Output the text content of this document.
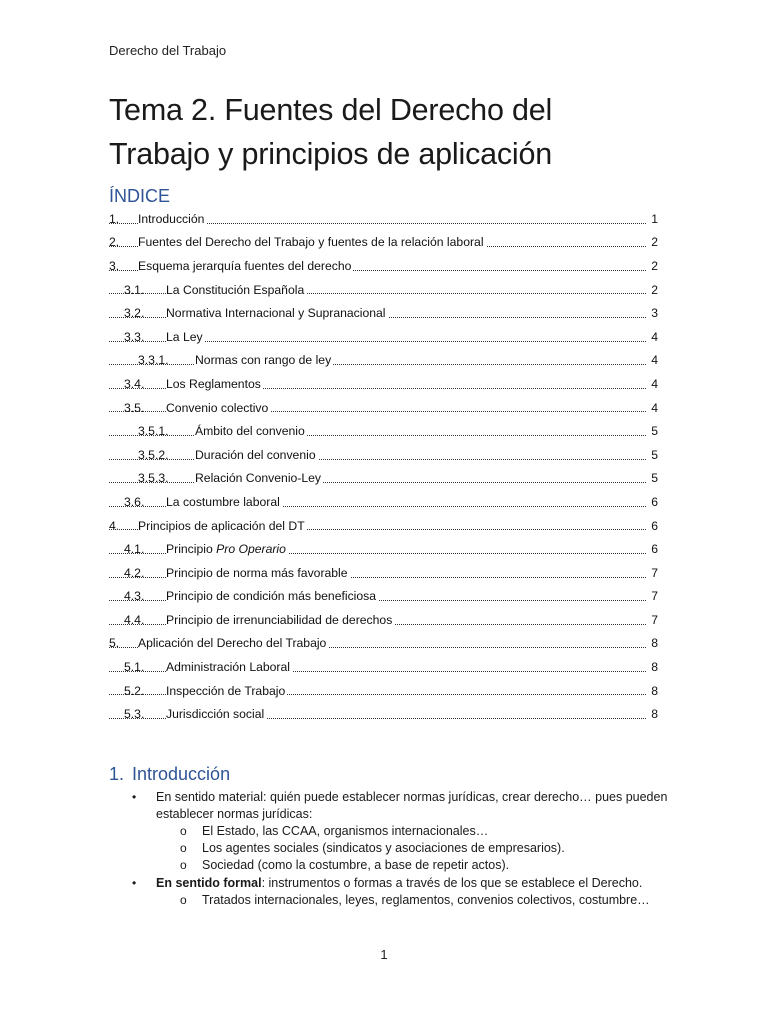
Derecho del Trabajo
Tema 2. Fuentes del Derecho del
Trabajo y principios de aplicación
ÍNDICE
1. Introducción	1
2. Fuentes del Derecho del Trabajo y fuentes de la relación laboral	2
3. Esquema jerarquía fuentes del derecho	2
3.1. La Constitución Española	2
3.2. Normativa Internacional y Supranacional	3
3.3. La Ley	4
3.3.1. Normas con rango de ley	4
3.4. Los Reglamentos	4
3.5. Convenio colectivo	4
3.5.1. Ámbito del convenio	5
3.5.2. Duración del convenio	5
3.5.3. Relación Convenio-Ley	5
3.6. La costumbre laboral	6
4. Principios de aplicación del DT	6
4.1. Principio Pro Operario	6
4.2. Principio de norma más favorable	7
4.3. Principio de condición más beneficiosa	7
4.4. Principio de irrenunciabilidad de derechos	7
5. Aplicación del Derecho del Trabajo	8
5.1. Administración Laboral	8
5.2. Inspección de Trabajo	8
5.3. Jurisdicción social	8
1. Introducción
• En sentido material: quién puede establecer normas jurídicas, crear derecho… pues pueden establecer normas jurídicas:
o El Estado, las CCAA, organismos internacionales…
o Los agentes sociales (sindicatos y asociaciones de empresarios).
o Sociedad (como la costumbre, a base de repetir actos).
• En sentido formal: instrumentos o formas a través de los que se establece el Derecho.
o Tratados internacionales, leyes, reglamentos, convenios colectivos, costumbre…
1
